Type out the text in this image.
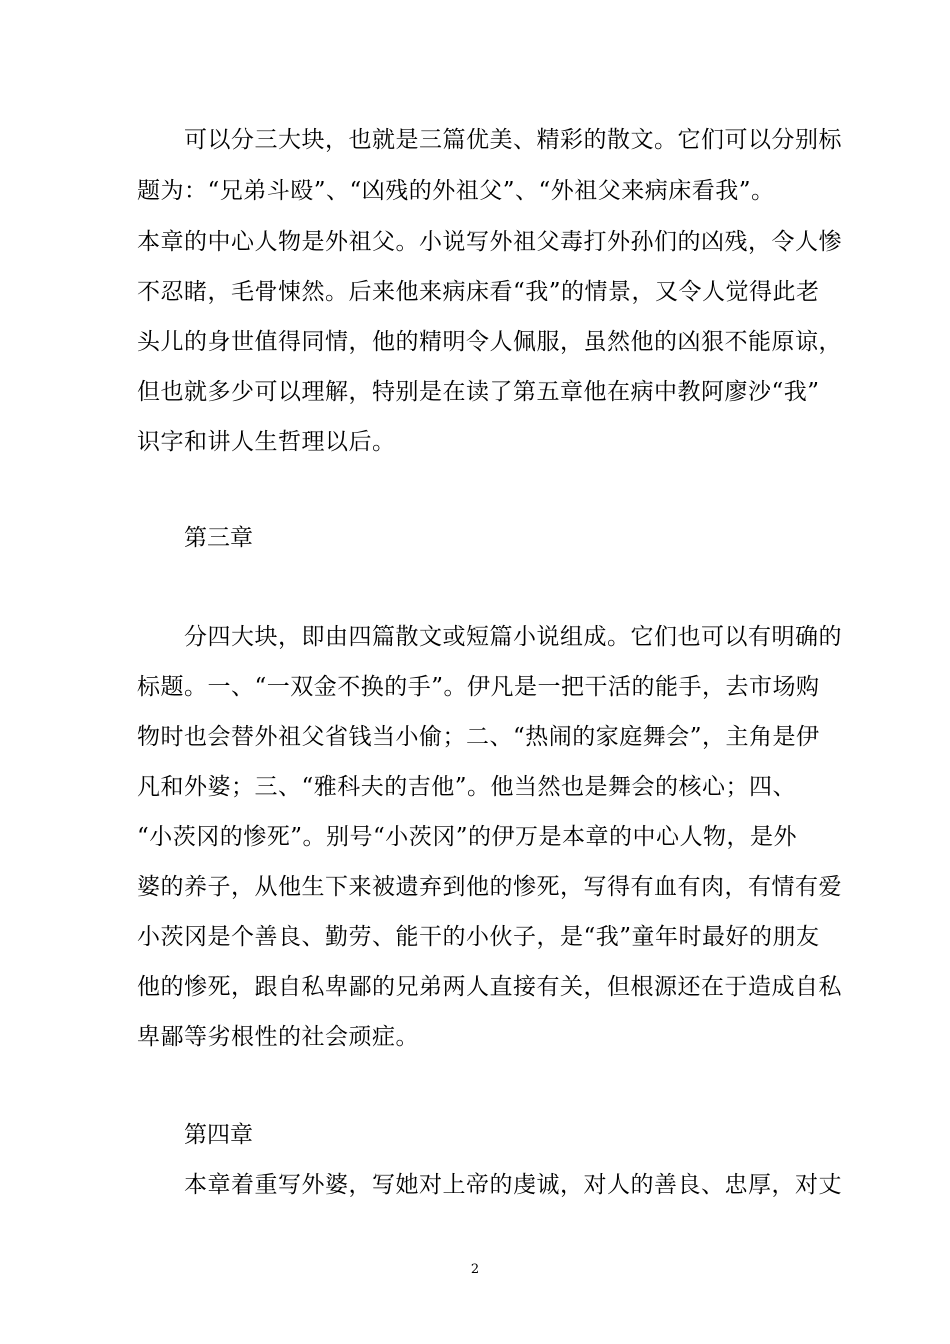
可以分三大块，也就是三篇优美、精彩的散文。它们可以分别标
题为：“兄弟斗殴”、“凶残的外祖父”、“外祖父来病床看我”。
本章的中心人物是外祖父。小说写外祖父毒打外孙们的凶残，令人惨
不忍睹，毛骨悚然。后来他来病床看“我”的情景，又令人觉得此老
头儿的身世值得同情，他的精明令人佩服，虽然他的凶狠不能原谅，
但也就多少可以理解，特别是在读了第五章他在病中教阿廖沙“我”
识字和讲人生哲理以后。
第三章
分四大块，即由四篇散文或短篇小说组成。它们也可以有明确的
标题。一、“一双金不换的手”。伊凡是一把干活的能手，去市场购
物时也会替外祖父省钱当小偷；二、“热闹的家庭舞会”，主角是伊
凡和外婆；三、“雅科夫的吉他”。他当然也是舞会的核心；四、
“小茨冈的惨死”。别号“小茨冈”的伊万是本章的中心人物，是外
婆的养子，从他生下来被遗弃到他的惨死，写得有血有肉，有情有爱
小茨冈是个善良、勤劳、能干的小伙子，是“我”童年时最好的朋友
他的惨死，跟自私卑鄙的兄弟两人直接有关，但根源还在于造成自私
卑鄙等劣根性的社会顽症。
第四章
本章着重写外婆，写她对上帝的虔诚，对人的善良、忠厚，对丈
2
